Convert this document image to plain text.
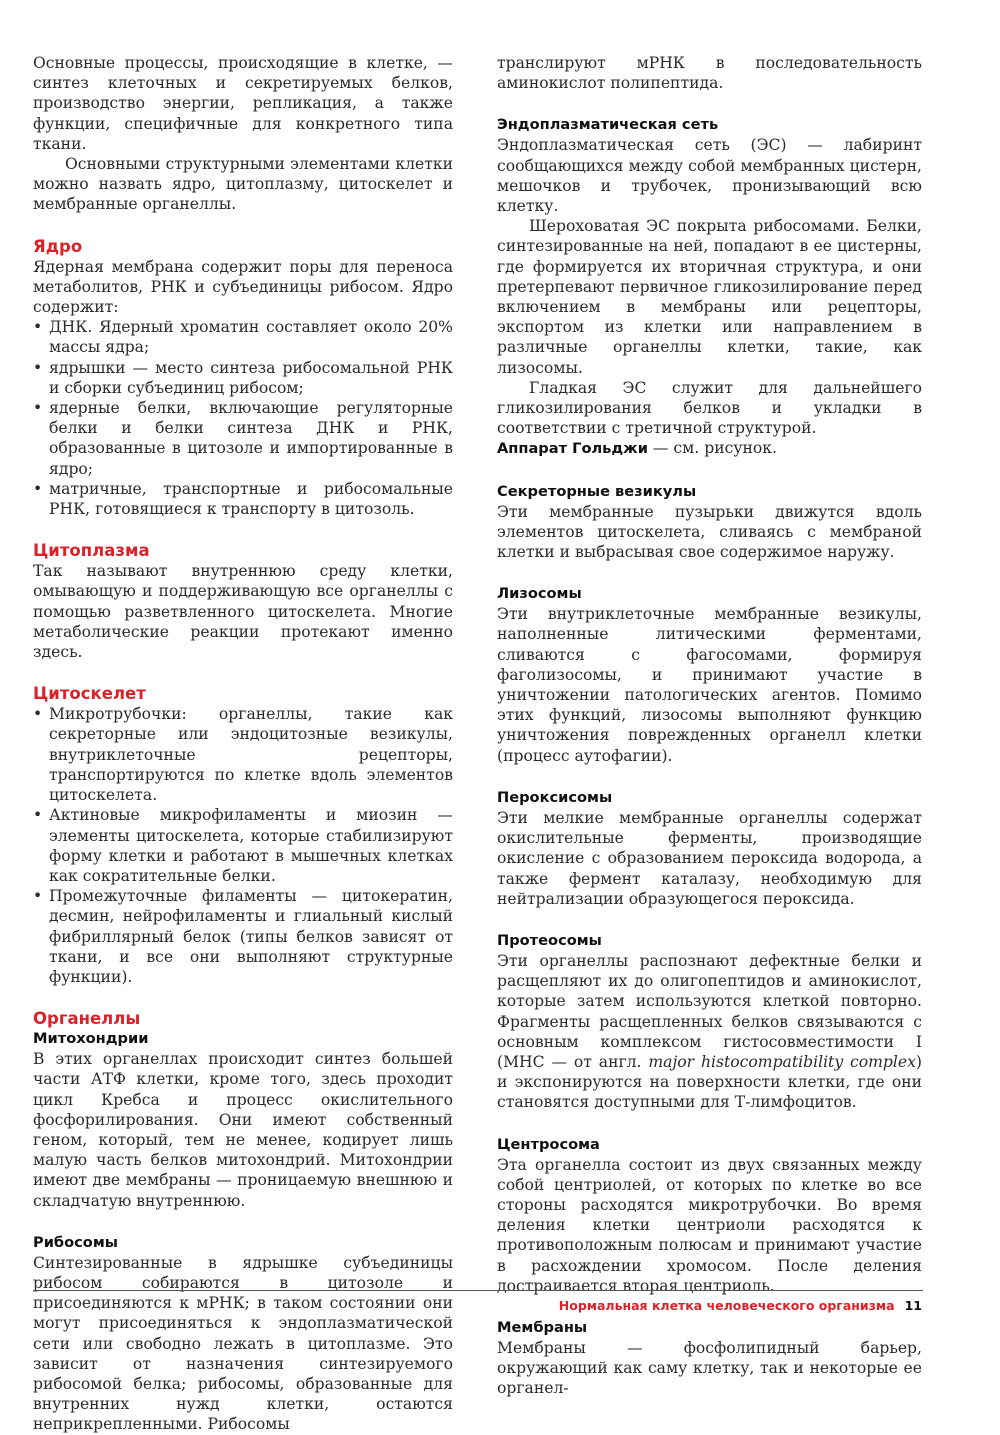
Основные процессы, происходящие в клетке, — синтез клеточных и секретируемых белков, производство энергии, репликация, а также функции, специфичные для конкретного типа ткани.

Основными структурными элементами клетки можно назвать ядро, цитоплазму, цитоскелет и мембранные органеллы.

Ядро

Ядерная мембрана содержит поры для переноса метаболитов, РНК и субъединицы рибосом. Ядро содержит:

• ДНК. Ядерный хроматин составляет около 20% массы ядра;
• ядрышки — место синтеза рибосомальной РНК и сборки субъединиц рибосом;
• ядерные белки, включающие регуляторные белки и белки синтеза ДНК и РНК, образованные в цитозоле и импортированные в ядро;
• матричные, транспортные и рибосомальные РНК, готовящиеся к транспорту в цитозоль.
Цитоплазма

Так называют внутреннюю среду клетки, омывающую и поддерживающую все органеллы с помощью разветвленного цитоскелета. Многие метаболические реакции протекают именно здесь.

Цитоскелет
• Микротрубочки: органеллы, такие как секреторные или эндоцитозные везикулы, внутриклеточные рецепторы, транспортируются по клетке вдоль элементов цитоскелета.
• Актиновые микрофиламенты и миозин — элементы цитоскелета, которые стабилизируют форму клетки и работают в мышечных клетках как сократительные белки.
• Промежуточные филаменты — цитокератин, десмин, нейрофиламенты и глиальный кислый фибриллярный белок (типы белков зависят от ткани, и все они выполняют структурные функции).
Органеллы
Митохондрии

В этих органеллах происходит синтез большей части АТФ клетки, кроме того, здесь проходит цикл Кребса и процесс окислительного фосфорилирования. Они имеют собственный геном, который, тем не менее, кодирует лишь малую часть белков митохондрий. Митохондрии имеют две мембраны — проницаемую внешнюю и складчатую внутреннюю.

Рибосомы

Синтезированные в ядрышке субъединицы рибосом собираются в цитозоле и присоединяются к мРНК; в таком состоянии они могут присоединяться к эндоплазматической сети или свободно лежать в цитоплазме. Это зависит от назначения синтезируемого рибосомой белка; рибосомы, образованные для внутренних нужд клетки, остаются неприкрепленными. Рибосомы

транслируют мРНК в последовательность аминокислот полипептида.

Эндоплазматическая сеть

Эндоплазматическая сеть (ЭС) — лабиринт сообщающихся между собой мембранных цистерн, мешочков и трубочек, пронизывающий всю клетку.

Шероховатая ЭС покрыта рибосомами. Белки, синтезированные на ней, попадают в ее цистерны, где формируется их вторичная структура, и они претерпевают первичное гликозилирование перед включением в мембраны или рецепторы, экспортом из клетки или направлением в различные органеллы клетки, такие, как лизосомы.

Гладкая ЭС служит для дальнейшего гликозилирования белков и укладки в соответствии с третичной структурой.

Аппарат Гольджи — см. рисунок.

Секреторные везикулы

Эти мембранные пузырьки движутся вдоль элементов цитоскелета, сливаясь с мембраной клетки и выбрасывая свое содержимое наружу.

Лизосомы

Эти внутриклеточные мембранные везикулы, наполненные литическими ферментами, сливаются с фагосомами, формируя фаголизосомы, и принимают участие в уничтожении патологических агентов. Помимо этих функций, лизосомы выполняют функцию уничтожения поврежденных органелл клетки (процесс аутофагии).

Пероксисомы

Эти мелкие мембранные органеллы содержат окислительные ферменты, производящие окисление с образованием пероксида водорода, а также фермент каталазу, необходимую для нейтрализации образующегося пероксида.

Протеосомы

Эти органеллы распознают дефектные белки и расщепляют их до олигопептидов и аминокислот, которые затем используются клеткой повторно. Фрагменты расщепленных белков связываются с основным комплексом гистосовместимости I (MHC — от англ. major histocompatibility complex) и экспонируются на поверхности клетки, где они становятся доступными для Т-лимфоцитов.

Центросома

Эта органелла состоит из двух связанных между собой центриолей, от которых по клетке во все стороны расходятся микротрубочки. Во время деления клетки центриоли расходятся к противоположным полюсам и принимают участие в расхождении хромосом. После деления достраивается вторая центриоль.

Мембраны

Мембраны — фосфолипидный барьер, окружающий как саму клетку, так и некоторые ее органел-

Нормальная клетка человеческого организма 11
